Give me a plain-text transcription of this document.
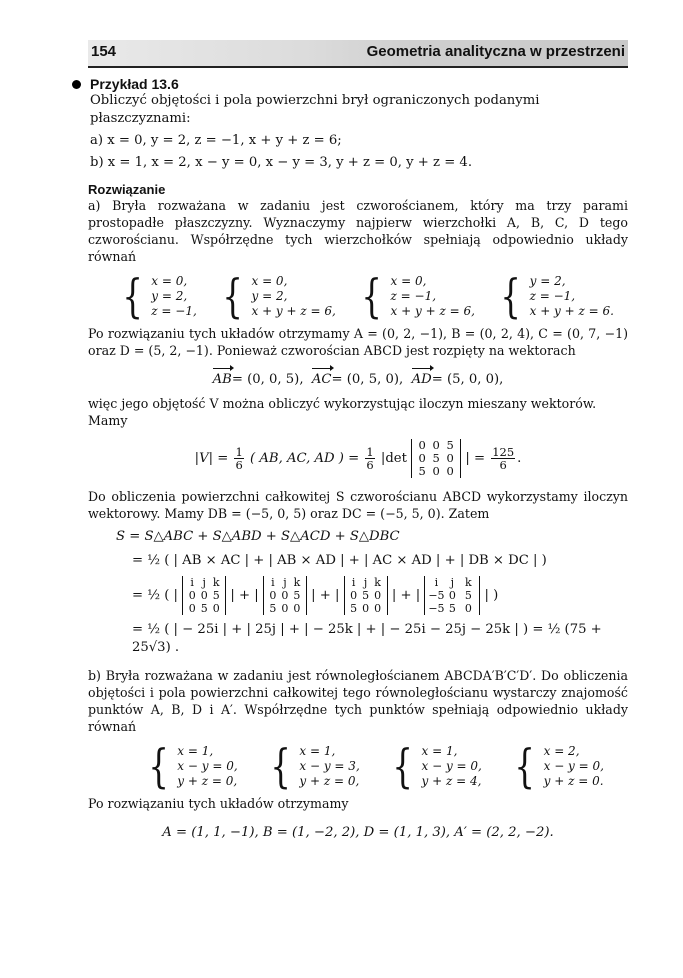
154	Geometria analityczna w przestrzeni
Przykład 13.6

Obliczyć objętości i pola powierzchni brył ograniczonych podanymi płaszczyznami:

a) x = 0, y = 2, z = −1, x + y + z = 6;

b) x = 1, x = 2, x − y = 0, x − y = 3, y + z = 0, y + z = 4.

Rozwiązanie

a) Bryła rozważana w zadaniu jest czworościanem, który ma trzy parami prostopadłe płaszczyzny. Wyznaczymy najpierw wierzchołki A, B, C, D tego czworościanu. Współrzędne tych wierzchołków spełniają odpowiednio układy równań

{ x = 0,
y = 2,
z = −1, { x = 0,
y = 2,
x + y + z = 6, { x = 0,
z = −1,
x + y + z = 6, { y = 2,
z = −1,
x + y + z = 6.

Po rozwiązaniu tych układów otrzymamy A = (0, 2, −1), B = (0, 2, 4), C = (0, 7, −1) oraz D = (5, 2, −1). Ponieważ czworościan ABCD jest rozpięty na wektorach

AB= (0, 0, 5), AC= (0, 5, 0), AD= (5, 0, 0),

więc jego objętość V można obliczyć wykorzystując iloczyn mieszany wektorów. Mamy

$|V| = \frac{1}{6}$ ( AB, AC, AD ) = $\frac{1}{6} |\det$
0 0 5
0 5 0
5 0 0
| = $\frac{125}{6}$ .

Do obliczenia powierzchni całkowitej S czworościanu ABCD wykorzystamy iloczyn wektorowy. Mamy DB = (−5, 0, 5) oraz DC = (−5, 5, 0). Zatem

S = S△ABC + S△ABD + S△ACD + S△DBC

= ½ ( | AB × AC | + | AB × AD | + | AC × AD | + | DB × DC | )

= ½ ( |
i j k
0 0 5
0 5 0
| + |
i j k
0 0 5
5 0 0
| + |
i j k
0 5 0
5 0 0
| + |
i	j k
−5 0 5
−5 5 0
| )

= ½ ( | − 25i | + | 25j | + | − 25k | + | − 25i − 25j − 25k | ) = ½ (75 + 25√3) .

b) Bryła rozważana w zadaniu jest równoległościanem ABCDA′B′C′D′. Do obliczenia objętości i pola powierzchni całkowitej tego równoległościanu wystarczy znajomość punktów A, B, D i A′. Współrzędne tych punktów spełniają odpowiednio układy równań

{ x = 1,
x − y = 0,
y + z = 0, { x = 1,
x − y = 3,
y + z = 0, { x = 1,
x − y = 0,
y + z = 4, { x = 2,
x − y = 0,
y + z = 0.

Po rozwiązaniu tych układów otrzymamy

A = (1, 1, −1), B = (1, −2, 2), D = (1, 1, 3), A′ = (2, 2, −2).
